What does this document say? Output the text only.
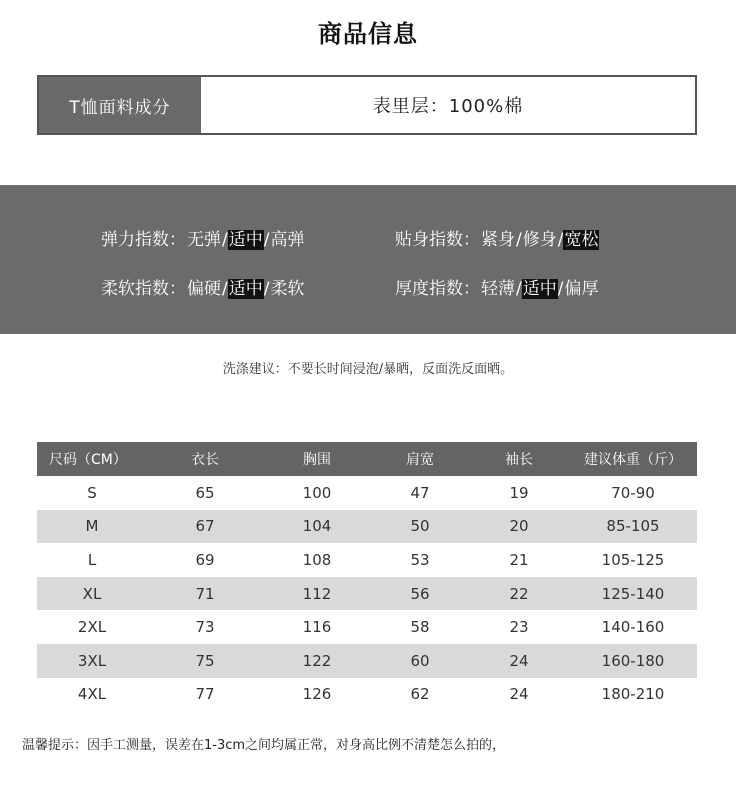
商品信息
T恤面料成分	表里层：100%棉
弹力指数：无弹/适中/高弹	贴身指数：紧身/修身/宽松
柔软指数：偏硬/适中/柔软	厚度指数：轻薄/适中/偏厚
洗涤建议：不要长时间浸泡/暴晒，反面洗反面晒。
尺码（CM）	衣长	胸围	肩宽	袖长	建议体重（斤）
S	65	100	47	19	70-90
M	67	104	50	20	85-105
L	69	108	53	21	105-125
XL	71	112	56	22	125-140
2XL	73	116	58	23	140-160
3XL	75	122	60	24	160-180
4XL	77	126	62	24	180-210
温馨提示：因手工测量，误差在1-3cm之间均属正常，对身高比例不清楚怎么拍的，
